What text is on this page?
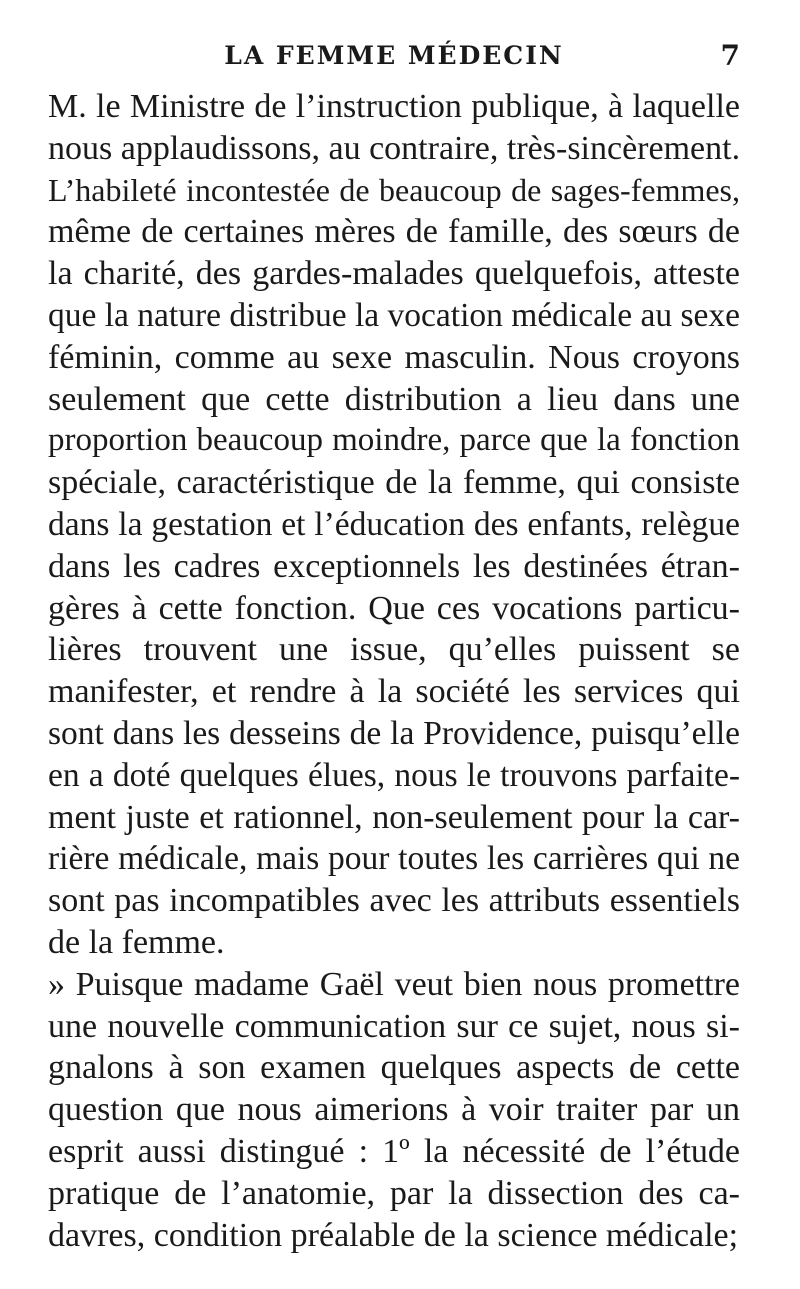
LA FEMME MÉDECIN	7
M. le Ministre de l’instruction publique, à laquelle
nous applaudissons, au contraire, très-sincèrement.
L’habileté incontestée de beaucoup de sages-femmes,
même de certaines mères de famille, des sœurs de
la charité, des gardes-malades quelquefois, atteste
que la nature distribue la vocation médicale au sexe
féminin, comme au sexe masculin. Nous croyons
seulement que cette distribution a lieu dans une
proportion beaucoup moindre, parce que la fonction
spéciale, caractéristique de la femme, qui consiste
dans la gestation et l’éducation des enfants, relègue
dans les cadres exceptionnels les destinées étran-
gères à cette fonction. Que ces vocations particu-
lières trouvent une issue, qu’elles puissent se
manifester, et rendre à la société les services qui
sont dans les desseins de la Providence, puisqu’elle
en a doté quelques élues, nous le trouvons parfaite-
ment juste et rationnel, non-seulement pour la car-
rière médicale, mais pour toutes les carrières qui ne
sont pas incompatibles avec les attributs essentiels
de la femme.
» Puisque madame Gaël veut bien nous promettre
une nouvelle communication sur ce sujet, nous si-
gnalons à son examen quelques aspects de cette
question que nous aimerions à voir traiter par un
esprit aussi distingué : 1º la nécessité de l’étude
pratique de l’anatomie, par la dissection des ca-
davres, condition préalable de la science médicale;
